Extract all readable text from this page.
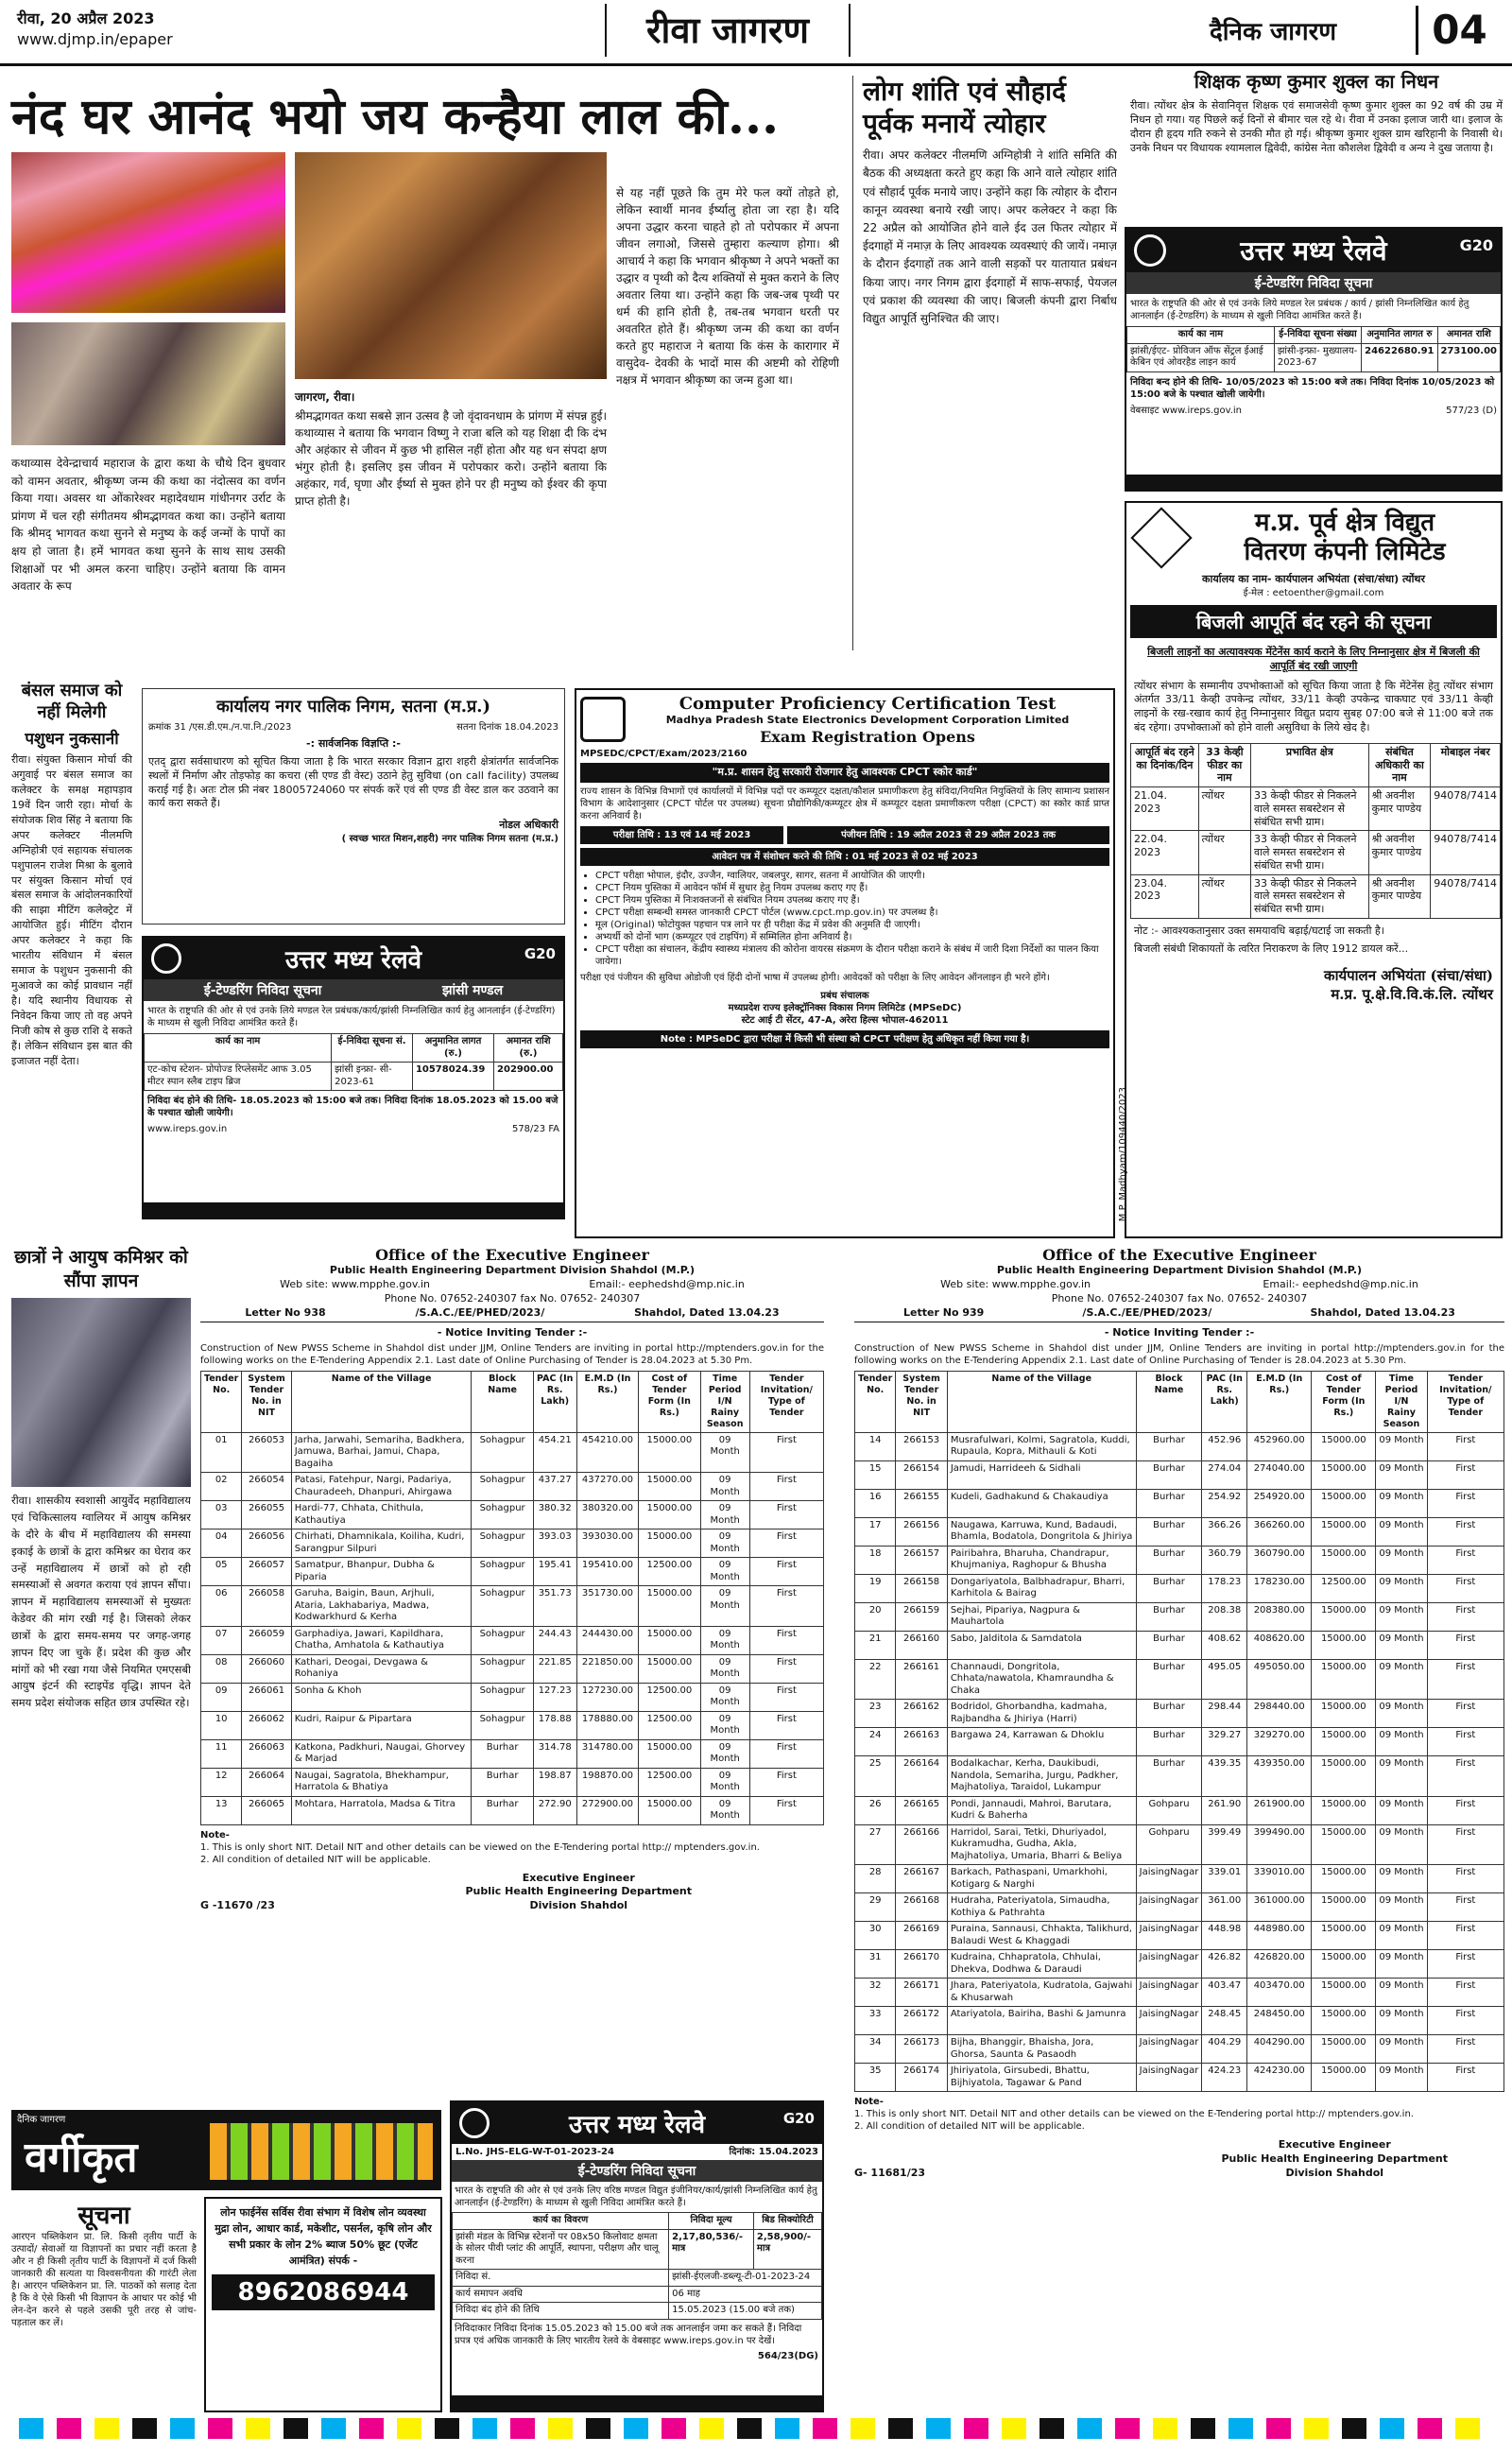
रीवा, 20 अप्रैल 2023
www.djmp.in/epaper	रीवा जागरण	दैनिक जागरण	04
नंद घर आनंद भयो जय कन्हैया लाल की...
कथाव्यास देवेन्द्राचार्य महाराज के द्वारा कथा के चौथे दिन बुधवार को वामन अवतार, श्रीकृष्ण जन्म की कथा का नंदोत्सव का वर्णन किया गया। अवसर था ओंकारेश्वर महादेवधाम गांधीनगर उर्राट के प्रांगण में चल रही संगीतमय श्रीमद्भागवत कथा का। उन्होंने बताया कि श्रीमद् भागवत कथा सुनने से मनुष्य के कई जन्मों के पापों का क्षय हो जाता है। हमें भागवत कथा सुनने के साथ साथ उसकी शिक्षाओं पर भी अमल करना चाहिए। उन्होंने बताया कि वामन अवतार के रूप
जागरण, रीवा।
श्रीमद्भागवत कथा सबसे ज्ञान उत्सव है जो वृंदावनधाम के प्रांगण में संपन्न हुई। कथाव्यास ने बताया कि भगवान विष्णु ने राजा बलि को यह शिक्षा दी कि दंभ और अहंकार से जीवन में कुछ भी हासिल नहीं होता और यह धन संपदा क्षण भंगुर होती है। इसलिए इस जीवन में परोपकार करो। उन्होंने बताया कि अहंकार, गर्व, घृणा और ईर्ष्या से मुक्त होने पर ही मनुष्य को ईश्वर की कृपा प्राप्त होती है।
से यह नहीं पूछते कि तुम मेरे फल क्यों तोड़ते हो, लेकिन स्वार्थी मानव ईर्ष्यालु होता जा रहा है। यदि अपना उद्धार करना चाहते हो तो परोपकार में अपना जीवन लगाओ, जिससे तुम्हारा कल्याण होगा। श्री आचार्य ने कहा कि भगवान श्रीकृष्ण ने अपने भक्तों का उद्धार व पृथ्वी को दैत्य शक्तियों से मुक्त कराने के लिए अवतार लिया था। उन्होंने कहा कि जब-जब पृथ्वी पर धर्म की हानि होती है, तब-तब भगवान धरती पर अवतरित होते हैं। श्रीकृष्ण जन्म की कथा का वर्णन करते हुए महाराज ने बताया कि कंस के कारागार में वासुदेव- देवकी के भादों मास की अष्टमी को रोहिणी नक्षत्र में भगवान श्रीकृष्ण का जन्म हुआ था।
लोग शांति एवं सौहार्द
पूर्वक मनायें त्योहार
रीवा। अपर कलेक्टर नीलमणि अग्निहोत्री ने शांति समिति की बैठक की अध्यक्षता करते हुए कहा कि आने वाले त्योहार शांति एवं सौहार्द पूर्वक मनाये जाए। उन्होंने कहा कि त्योहार के दौरान कानून व्यवस्था बनाये रखी जाए। अपर कलेक्टर ने कहा कि 22 अप्रैल को आयोजित होने वाले ईद उल फितर त्योहार में ईदगाहों में नमाज़ के लिए आवश्यक व्यवस्थाएं की जायें। नमाज़ के दौरान ईदगाहों तक आने वाली सड़कों पर यातायात प्रबंधन किया जाए। नगर निगम द्वारा ईदगाहों में साफ-सफाई, पेयजल एवं प्रकाश की व्यवस्था की जाए। बिजली कंपनी द्वारा निर्बाध विद्युत आपूर्ति सुनिश्चित की जाए।
शिक्षक कृष्ण कुमार शुक्ल का निधन
रीवा। त्योंथर क्षेत्र के सेवानिवृत्त शिक्षक एवं समाजसेवी कृष्ण कुमार शुक्ल का 92 वर्ष की उम्र में निधन हो गया। यह पिछले कई दिनों से बीमार चल रहे थे। रीवा में उनका इलाज जारी था। इलाज के दौरान ही हृदय गति रुकने से उनकी मौत हो गई। श्रीकृष्ण कुमार शुक्ल ग्राम खरिहानी के निवासी थे। उनके निधन पर विधायक श्यामलाल द्विवेदी, कांग्रेस नेता कौशलेश द्विवेदी व अन्य ने दुख जताया है।
उत्तर मध्य रेलवे	G20
ई-टेण्डरिंग निविदा सूचना
भारत के राष्ट्रपति की ओर से एवं उनके लिये मण्डल रेल प्रबंधक / कार्य / झांसी निम्नलिखित कार्य हेतु आनलाईन (ई-टेण्डरिंग) के माध्यम से खुली निविदा आमंत्रित करते हैं।
कार्य का नाम	ई-निविदा सूचना संख्या	अनुमानित लागत रु	अमानत राशि
झांसी/ईएट- प्रोविजन ऑफ सेंट्रल ईआई केबिन एवं ओवरहैड लाइन कार्य	झांसी-इन्फ्रा- मुख्यालय- 2023-67	24622680.91	273100.00
निविदा बन्द होने की तिथि- 10/05/2023 को 15:00 बजे तक। निविदा दिनांक 10/05/2023 को 15:00 बजे के पश्चात खोली जायेगी।
वेबसाइट www.ireps.gov.in	577/23 (D)
म.प्र. पूर्व क्षेत्र विद्युत
वितरण कंपनी लिमिटेड
कार्यालय का नाम- कार्यपालन अभियंता (संचा/संधा) त्योंथर
ई-मेल : eetoenther@gmail.com
बिजली आपूर्ति बंद रहने की सूचना
बिजली लाइनों का अत्यावश्यक मेंटेनेंस कार्य कराने के लिए निम्नानुसार क्षेत्र में बिजली की आपूर्ति बंद रखी जाएगी
त्योंथर संभाग के सम्मानीय उपभोक्ताओं को सूचित किया जाता है कि मेंटेनेंस हेतु त्योंथर संभाग अंतर्गत 33/11 केव्ही उपकेन्द्र त्योंथर, 33/11 केव्ही उपकेन्द्र चाकघाट एवं 33/11 केव्ही लाइनों के रख-रखाव कार्य हेतु निम्नानुसार विद्युत प्रदाय सुबह 07:00 बजे से 11:00 बजे तक बंद रहेगा। उपभोक्ताओं को होने वाली असुविधा के लिये खेद है।
आपूर्ति बंद रहने का दिनांक/दिन	33 केव्ही फीडर का नाम	प्रभावित क्षेत्र	संबंधित अधिकारी का नाम	मोबाइल नंबर
21.04. 2023	त्योंथर	33 केव्ही फीडर से निकलने वाले समस्त सबस्टेशन से संबंधित सभी ग्राम।	श्री अवनीश कुमार पाण्डेय	94078/7414
22.04. 2023	त्योंथर	33 केव्ही फीडर से निकलने वाले समस्त सबस्टेशन से संबंधित सभी ग्राम।	श्री अवनीश कुमार पाण्डेय	94078/7414
23.04. 2023	त्योंथर	33 केव्ही फीडर से निकलने वाले समस्त सबस्टेशन से संबंधित सभी ग्राम।	श्री अवनीश कुमार पाण्डेय	94078/7414
नोट :- आवश्यकतानुसार उक्त समयावधि बढ़ाई/घटाई जा सकती है।
बिजली संबंधी शिकायतों के त्वरित निराकरण के लिए 1912 डायल करें...
कार्यपालन अभियंता (संचा/संधा)
म.प्र. पू.क्षे.वि.वि.कं.लि. त्योंथर
बंसल समाज को नहीं मिलेगी
पशुधन नुकसानी
रीवा। संयुक्त किसान मोर्चा की अगुवाई पर बंसल समाज का कलेक्टर के समक्ष महापड़ाव 19वें दिन जारी रहा। मोर्चा के संयोजक शिव सिंह ने बताया कि अपर कलेक्टर नीलमणि अग्निहोत्री एवं सहायक संचालक पशुपालन राजेश मिश्रा के बुलावे पर संयुक्त किसान मोर्चा एवं बंसल समाज के आंदोलनकारियों की साझा मीटिंग कलेक्ट्रेट में आयोजित हुई। मीटिंग दौरान अपर कलेक्टर ने कहा कि भारतीय संविधान में बंसल समाज के पशुधन नुकसानी की मुआवजे का कोई प्रावधान नहीं है। यदि स्थानीय विधायक से निवेदन किया जाए तो वह अपने निजी कोष से कुछ राशि दे सकते हैं। लेकिन संविधान इस बात की इजाजत नहीं देता।
कार्यालय नगर पालिक निगम, सतना (म.प्र.)
क्रमांक 31 /एस.डी.एम./न.पा.नि./2023	सतना दिनांक 18.04.2023
-: सार्वजनिक विज्ञप्ति :-
एतद् द्वारा सर्वसाधारण को सूचित किया जाता है कि भारत सरकार विज्ञान द्वारा शहरी क्षेत्रांतर्गत सार्वजनिक स्थलों में निर्माण और तोड़फोड़ का कचरा (सी एण्ड डी वेस्ट) उठाने हेतु सुविधा (on call facility) उपलब्ध कराई गई है। अतः टोल फ्री नंबर 18005724060 पर संपर्क करें एवं सी एण्ड डी वेस्ट डाल कर उठवाने का कार्य करा सकते हैं।
नोडल अधिकारी
( स्वच्छ भारत मिशन,शहरी) नगर पालिक निगम सतना (म.प्र.)
उत्तर मध्य रेलवे	G20
ई-टेण्डरिंग निविदा सूचना	झांसी मण्डल
भारत के राष्ट्रपति की ओर से एवं उनके लिये मण्डल रेल प्रबंधक/कार्य/झांसी निम्नलिखित कार्य हेतु आनलाईन (ई-टेण्डरिंग) के माध्यम से खुली निविदा आमंत्रित करते हैं।
कार्य का नाम	ई-निविदा सूचना सं.	अनुमानित लागत (रु.)	अमानत राशि (रु.)
एट-कोच स्टेशन- प्रोपोज्ड रिप्लेसमेंट आफ 3.05 मीटर स्पान स्लैब टाइप ब्रिज	झांसी इन्फ्रा- सी- 2023-61	10578024.39	202900.00
निविदा बंद होने की तिथि- 18.05.2023 को 15:00 बजे तक। निविदा दिनांक 18.05.2023 को 15.00 बजे के पश्चात खोली जायेगी।
www.ireps.gov.in	578/23 FA
Computer Proficiency Certification Test
Madhya Pradesh State Electronics Development Corporation Limited
Exam Registration Opens
MPSEDC/CPCT/Exam/2023/2160
"म.प्र. शासन हेतु सरकारी रोजगार हेतु आवश्यक CPCT स्कोर कार्ड"
राज्य शासन के विभिन्न विभागों एवं कार्यालयों में विभिन्न पदों पर कम्प्यूटर दक्षता/कौशल प्रमाणीकरण हेतु संविदा/नियमित नियुक्तियों के लिए सामान्य प्रशासन विभाग के आदेशानुसार (CPCT पोर्टल पर उपलब्ध) सूचना प्रौद्योगिकी/कम्प्यूटर क्षेत्र में कम्प्यूटर दक्षता प्रमाणीकरण परीक्षा (CPCT) का स्कोर कार्ड प्राप्त करना अनिवार्य है।
परीक्षा तिथि : 13 एवं 14 मई 2023	पंजीयन तिथि : 19 अप्रैल 2023 से 29 अप्रैल 2023 तक
आवेदन पत्र में संशोधन करने की तिथि : 01 मई 2023 से 02 मई 2023
• CPCT परीक्षा भोपाल, इंदौर, उज्जैन, ग्वालियर, जबलपुर, सागर, सतना में आयोजित की जाएगी।
• CPCT नियम पुस्तिका में आवेदन फॉर्म में सुधार हेतु नियम उपलब्ध कराए गए हैं।
• CPCT नियम पुस्तिका में निःशक्तजनों से संबंधित नियम उपलब्ध कराए गए हैं।
• CPCT परीक्षा सम्बन्धी समस्त जानकारी CPCT पोर्टल (www.cpct.mp.gov.in) पर उपलब्ध है।
• मूल (Original) फोटोयुक्त पहचान पत्र लाने पर ही परीक्षा केंद्र में प्रवेश की अनुमति दी जाएगी।
• अभ्यर्थी को दोनों भाग (कम्प्यूटर एवं टाइपिंग) में सम्मिलित होना अनिवार्य है।
• CPCT परीक्षा का संचालन, केंद्रीय स्वास्थ्य मंत्रालय की कोरोना वायरस संक्रमण के दौरान परीक्षा कराने के संबंध में जारी दिशा निर्देशों का पालन किया जायेगा।
परीक्षा एवं पंजीयन की सुविधा ओडोजी एवं हिंदी दोनों भाषा में उपलब्ध होगी। आवेदकों को परीक्षा के लिए आवेदन ऑनलाइन ही भरने होंगे।
प्रबंध संचालक
मध्यप्रदेश राज्य इलेक्ट्रॉनिक्स विकास निगम लिमिटेड (MPSeDC)
स्टेट आई टी सेंटर, 47-A, अरेरा हिल्स भोपाल-462011
Note : MPSeDC द्वारा परीक्षा में किसी भी संस्था को CPCT परीक्षण हेतु अधिकृत नहीं किया गया है।
M.P. Madhyam/109440/2023
छात्रों ने आयुष कमिश्नर को सौंपा ज्ञापन
रीवा। शासकीय स्वशासी आयुर्वेद महाविद्यालय एवं चिकित्सालय ग्वालियर में आयुष कमिश्नर के दौरे के बीच में महाविद्यालय की समस्या इकाई के छात्रों के द्वारा कमिश्नर का घेराव कर उन्हें महाविद्यालय में छात्रों को हो रही समस्याओं से अवगत कराया एवं ज्ञापन सौंपा। ज्ञापन में महाविद्यालय समस्याओं से मुख्यतः केडेवर की मांग रखी गई है। जिसको लेकर छात्रों के द्वारा समय-समय पर जगह-जगह ज्ञापन दिए जा चुके हैं। प्रदेश की कुछ और मांगों को भी रखा गया जैसे नियमित एमएसबी आयुष इंटर्न की स्टाइपेंड वृद्धि। ज्ञापन देते समय प्रदेश संयोजक सहित छात्र उपस्थित रहे।
Office of the Executive Engineer
Public Health Engineering Department Division Shahdol (M.P.)
Web site: www.mpphe.gov.in	Email:- eephedshd@mp.nic.in
Phone No. 07652-240307 fax No. 07652- 240307
Letter No 938	/S.A.C./EE/PHED/2023/	Shahdol, Dated 13.04.23
- Notice Inviting Tender :-
Construction of New PWSS Scheme in Shahdol dist under JJM, Online Tenders are inviting in portal http://mptenders.gov.in for the following works on the E-Tendering Appendix 2.1. Last date of Online Purchasing of Tender is 28.04.2023 at 5.30 Pm.
Tender No.	System Tender No. in NIT	Name of the Village	Block Name	PAC (In Rs. Lakh)	E.M.D (In Rs.)	Cost of Tender Form (In Rs.)	Time Period I/N Rainy Season	Tender Invitation/ Type of Tender
01	266053	Jarha, Jarwahi, Semariha, Badkhera, Jamuwa, Barhai, Jamui, Chapa, Bagaiha	Sohagpur	454.21	454210.00	15000.00	09 Month	First
02	266054	Patasi, Fatehpur, Nargi, Padariya, Chauradeeh, Dhanpuri, Ahirgawa	Sohagpur	437.27	437270.00	15000.00	09 Month	First
03	266055	Hardi-77, Chhata, Chithula, Kathautiya	Sohagpur	380.32	380320.00	15000.00	09 Month	First
04	266056	Chirhati, Dhamnikala, Koiliha, Kudri, Sarangpur Silpuri	Sohagpur	393.03	393030.00	15000.00	09 Month	First
05	266057	Samatpur, Bhanpur, Dubha & Piparia	Sohagpur	195.41	195410.00	12500.00	09 Month	First
06	266058	Garuha, Baigin, Baun, Arjhuli, Ataria, Lakhabariya, Madwa, Kodwarkhurd & Kerha	Sohagpur	351.73	351730.00	15000.00	09 Month	First
07	266059	Garphadiya, Jawari, Kapildhara, Chatha, Amhatola & Kathautiya	Sohagpur	244.43	244430.00	15000.00	09 Month	First
08	266060	Kathari, Deogai, Devgawa & Rohaniya	Sohagpur	221.85	221850.00	15000.00	09 Month	First
09	266061	Sonha & Khoh	Sohagpur	127.23	127230.00	12500.00	09 Month	First
10	266062	Kudri, Raipur & Pipartara	Sohagpur	178.88	178880.00	12500.00	09 Month	First
11	266063	Katkona, Padkhuri, Naugai, Ghorvey & Marjad	Burhar	314.78	314780.00	15000.00	09 Month	First
12	266064	Naugai, Sagratola, Bhekhampur, Harratola & Bhatiya	Burhar	198.87	198870.00	12500.00	09 Month	First
13	266065	Mohtara, Harratola, Madsa & Titra	Burhar	272.90	272900.00	15000.00	09 Month	First
Note-
1. This is only short NIT. Detail NIT and other details can be viewed on the E-Tendering portal http:// mptenders.gov.in.
2. All condition of detailed NIT will be applicable.
G -11670 /23
Executive Engineer
Public Health Engineering Department
Division Shahdol
Office of the Executive Engineer
Public Health Engineering Department Division Shahdol (M.P.)
Web site: www.mpphe.gov.in	Email:- eephedshd@mp.nic.in
Phone No. 07652-240307 fax No. 07652- 240307
Letter No 939	/S.A.C./EE/PHED/2023/	Shahdol, Dated 13.04.23
- Notice Inviting Tender :-
Construction of New PWSS Scheme in Shahdol dist under JJM, Online Tenders are inviting in portal http://mptenders.gov.in for the following works on the E-Tendering Appendix 2.1. Last date of Online Purchasing of Tender is 28.04.2023 at 5.30 Pm.
Tender No.	System Tender No. in NIT	Name of the Village	Block Name	PAC (In Rs. Lakh)	E.M.D (In Rs.)	Cost of Tender Form (In Rs.)	Time Period I/N Rainy Season	Tender Invitation/ Type of Tender
14	266153	Musrafulwari, Kolmi, Sagratola, Kuddi, Rupaula, Kopra, Mithauli & Koti	Burhar	452.96	452960.00	15000.00	09 Month	First
15	266154	Jamudi, Harrideeh & Sidhali	Burhar	274.04	274040.00	15000.00	09 Month	First
16	266155	Kudeli, Gadhakund & Chakaudiya	Burhar	254.92	254920.00	15000.00	09 Month	First
17	266156	Naugawa, Karruwa, Kund, Badaudi, Bhamla, Bodatola, Dongritola & Jhiriya	Burhar	366.26	366260.00	15000.00	09 Month	First
18	266157	Pairibahra, Bharuha, Chandrapur, Khujmaniya, Raghopur & Bhusha	Burhar	360.79	360790.00	15000.00	09 Month	First
19	266158	Dongariyatola, Balbhadrapur, Bharri, Karhitola & Bairag	Burhar	178.23	178230.00	12500.00	09 Month	First
20	266159	Sejhai, Pipariya, Nagpura & Mauhartola	Burhar	208.38	208380.00	15000.00	09 Month	First
21	266160	Sabo, Jalditola & Samdatola	Burhar	408.62	408620.00	15000.00	09 Month	First
22	266161	Channaudi, Dongritola, Chhata/nawatola, Khamraundha & Chaka	Burhar	495.05	495050.00	15000.00	09 Month	First
23	266162	Bodridol, Ghorbandha, kadmaha, Rajbandha & Jhiriya (Harri)	Burhar	298.44	298440.00	15000.00	09 Month	First
24	266163	Bargawa 24, Karrawan & Dhoklu	Burhar	329.27	329270.00	15000.00	09 Month	First
25	266164	Bodalkachar, Kerha, Daukibudi, Nandola, Semariha, Jurgu, Padkher, Majhatoliya, Taraidol, Lukampur	Burhar	439.35	439350.00	15000.00	09 Month	First
26	266165	Pondi, Jannaudi, Mahroi, Barutara, Kudri & Baherha	Gohparu	261.90	261900.00	15000.00	09 Month	First
27	266166	Harridol, Sarai, Tetki, Dhuriyadol, Kukramudha, Gudha, Akla, Majhatoliya, Umaria, Bharri & Beliya	Gohparu	399.49	399490.00	15000.00	09 Month	First
28	266167	Barkach, Pathaspani, Umarkhohi, Kotigarg & Narghi	JaisingNagar	339.01	339010.00	15000.00	09 Month	First
29	266168	Hudraha, Pateriyatola, Simaudha, Kothiya & Pathrahta	JaisingNagar	361.00	361000.00	15000.00	09 Month	First
30	266169	Puraina, Sannausi, Chhakta, Talikhurd, Balaudi West & Khaggadi	JaisingNagar	448.98	448980.00	15000.00	09 Month	First
31	266170	Kudraina, Chhapratola, Chhulai, Dhekva, Dodhwa & Daraudi	JaisingNagar	426.82	426820.00	15000.00	09 Month	First
32	266171	Jhara, Pateriyatola, Kudratola, Gajwahi & Khusarwah	JaisingNagar	403.47	403470.00	15000.00	09 Month	First
33	266172	Atariyatola, Bairiha, Bashi & Jamunra	JaisingNagar	248.45	248450.00	15000.00	09 Month	First
34	266173	Bijha, Bhanggir, Bhaisha, Jora, Ghorsa, Saunta & Pasaodh	JaisingNagar	404.29	404290.00	15000.00	09 Month	First
35	266174	Jhiriyatola, Girsubedi, Bhattu, Bijhiyatola, Tagawar & Pand	JaisingNagar	424.23	424230.00	15000.00	09 Month	First
Note-
1. This is only short NIT. Detail NIT and other details can be viewed on the E-Tendering portal http:// mptenders.gov.in.
2. All condition of detailed NIT will be applicable.
G- 11681/23
Executive Engineer
Public Health Engineering Department
Division Shahdol
दैनिक जागरण
वर्गीकृत
लोन फाईनेंस सर्विस रीवा संभाग में विशेष लोन व्यवस्था मुद्रा लोन, आधार कार्ड, मकेशीट, पसर्नल, कृषि लोन और सभी प्रकार के लोन 2% ब्याज 50% छूट (एजेंट आमंत्रित) संपर्क -
8962086944
सूचना
आरएन पब्लिकेशन प्रा. लि. किसी तृतीय पार्टी के उत्पादों/ सेवाओं या विज्ञापनों का प्रचार नहीं करता है और न ही किसी तृतीय पार्टी के विज्ञापनों में दर्ज किसी जानकारी की सत्यता या विश्वसनीयता की गारंटी लेता है। आरएन पब्लिकेशन प्रा. लि. पाठकों को सलाह देता है कि वे ऐसे किसी भी विज्ञापन के आधार पर कोई भी लेन-देन करने से पहले उसकी पूरी तरह से जांच-पड़ताल कर लें।
उत्तर मध्य रेलवे	G20
L.No. JHS-ELG-W-T-01-2023-24	दिनांक: 15.04.2023
ई-टेण्डरिंग निविदा सूचना
भारत के राष्ट्रपति की ओर से एवं उनके लिए वरिष्ठ मण्डल विद्युत इंजीनियर/कार्य/झांसी निम्नलिखित कार्य हेतु आनलाईन (ई-टेण्डरिंग) के माध्यम से खुली निविदा आमंत्रित करते हैं।
कार्य का विवरण	निविदा मूल्य	बिड सिक्योरिटी
झांसी मंडल के विभिन्न स्टेशनों पर 08x50 किलोवाट क्षमता के सोलर पीवी प्लांट की आपूर्ति, स्थापना, परीक्षण और चालू करना	2,17,80,536/- मात्र	2,58,900/- मात्र
निविदा सं.	झांसी-ईएलजी-डब्ल्यू-टी-01-2023-24	
कार्य समापन अवधि	06 माह	
निविदा बंद होने की तिथि	15.05.2023 (15.00 बजे तक)	
निविदाकार निविदा दिनांक 15.05.2023 को 15.00 बजे तक आनलाईन जमा कर सकते हैं। निविदा प्रपत्र एवं अधिक जानकारी के लिए भारतीय रेलवे के वेबसाइट www.ireps.gov.in पर देखें।
564/23(DG)
